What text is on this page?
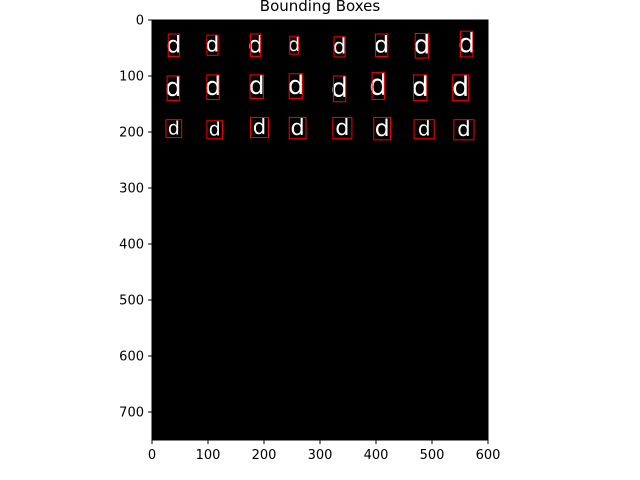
Bounding Boxes
d d d d d d d d
d d d d d d d d
d d d d d d d d
0	100 200 300 400 500 600
0
100
200
300
400
500
600
700
